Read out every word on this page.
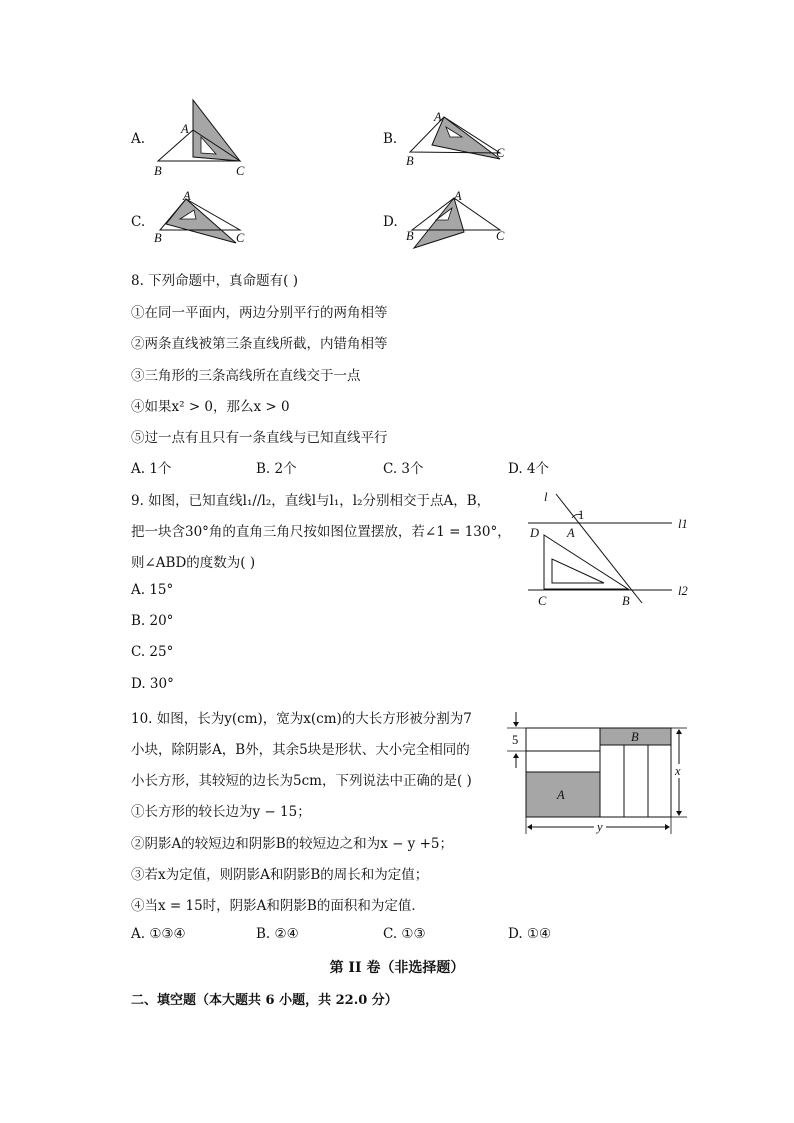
A.
A
B	C
B.
A
B
C
C.
A
B	C
D.
A
B	C
8. 下列命题中，真命题有( )
①在同一平面内，两边分别平行的两角相等
②两条直线被第三条直线所截，内错角相等
③三角形的三条高线所在直线交于一点
④如果x² > 0，那么x > 0
⑤过一点有且只有一条直线与已知直线平行
A. 1个	B. 2个	C. 3个	D. 4个
9. 如图，已知直线l₁//l₂，直线l与l₁，l₂分别相交于点A，B，
把一块含30°角的直角三角尺按如图位置摆放，若∠1 = 130°，
则∠ABD的度数为( )
A. 15°
B. 20°
C. 25°
D. 30°
l
1
l1
l2
A
D
C	B
10. 如图，长为y(cm)，宽为x(cm)的大长方形被分割为7
小块，除阴影A，B外，其余5块是形状、大小完全相同的
小长方形，其较短的边长为5cm，下列说法中正确的是( )
①长方形的较长边为y − 15；
②阴影A的较短边和阴影B的较短边之和为x − y +5；
③若x为定值，则阴影A和阴影B的周长和为定值；
④当x = 15时，阴影A和阴影B的面积和为定值．
A. ①③④	B. ②④	C. ①③	D. ①④
5
x
y
A
B
第 II 卷（非选择题）
二、填空题（本大题共 6 小题，共 22.0 分）
